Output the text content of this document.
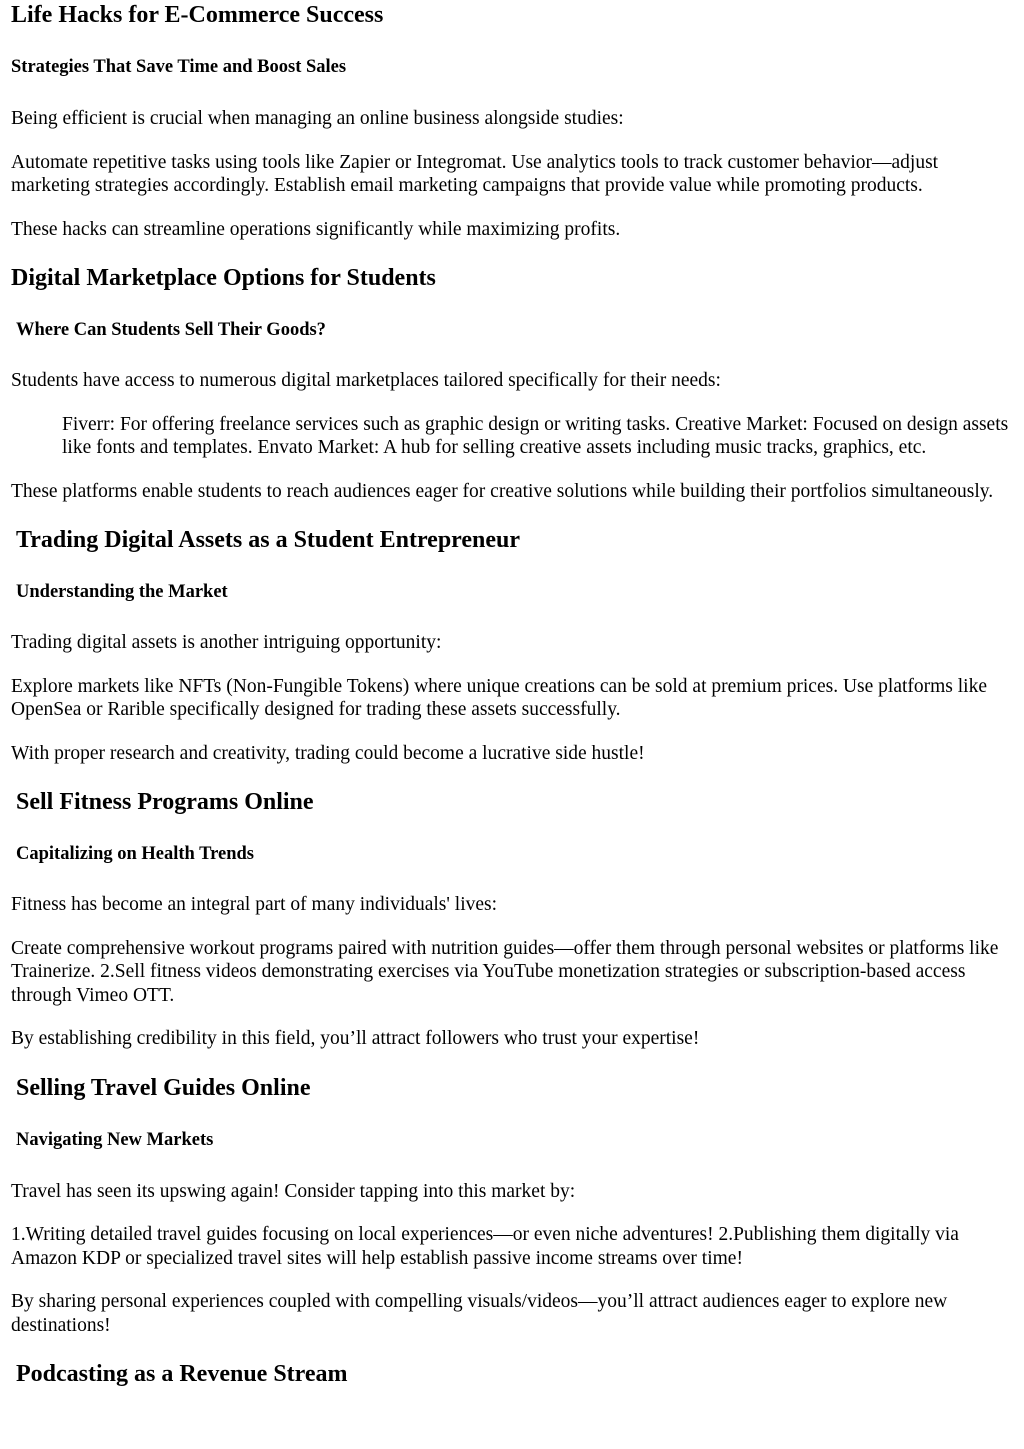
Life Hacks for E-Commerce Success
Strategies That Save Time and Boost Sales

Being efficient is crucial when managing an online business alongside studies:

Automate repetitive tasks using tools like Zapier or Integromat. Use analytics tools to track customer behavior—adjust marketing strategies accordingly. Establish email marketing campaigns that provide value while promoting products.

These hacks can streamline operations significantly while maximizing profits.

Digital Marketplace Options for Students
Where Can Students Sell Their Goods?

Students have access to numerous digital marketplaces tailored specifically for their needs:

Fiverr: For offering freelance services such as graphic design or writing tasks. Creative Market: Focused on design assets like fonts and templates. Envato Market: A hub for selling creative assets including music tracks, graphics, etc.

These platforms enable students to reach audiences eager for creative solutions while building their portfolios simultaneously.

Trading Digital Assets as a Student Entrepreneur
Understanding the Market

Trading digital assets is another intriguing opportunity:

Explore markets like NFTs (Non-Fungible Tokens) where unique creations can be sold at premium prices. Use platforms like OpenSea or Rarible specifically designed for trading these assets successfully.

With proper research and creativity, trading could become a lucrative side hustle!

Sell Fitness Programs Online
Capitalizing on Health Trends

Fitness has become an integral part of many individuals' lives:

Create comprehensive workout programs paired with nutrition guides—offer them through personal websites or platforms like Trainerize. 2.Sell fitness videos demonstrating exercises via YouTube monetization strategies or subscription-based access through Vimeo OTT.

By establishing credibility in this field, you’ll attract followers who trust your expertise!

Selling Travel Guides Online
Navigating New Markets

Travel has seen its upswing again! Consider tapping into this market by:

1.Writing detailed travel guides focusing on local experiences—or even niche adventures! 2.Publishing them digitally via Amazon KDP or specialized travel sites will help establish passive income streams over time!

By sharing personal experiences coupled with compelling visuals/videos—you’ll attract audiences eager to explore new destinations!

Podcasting as a Revenue Stream
